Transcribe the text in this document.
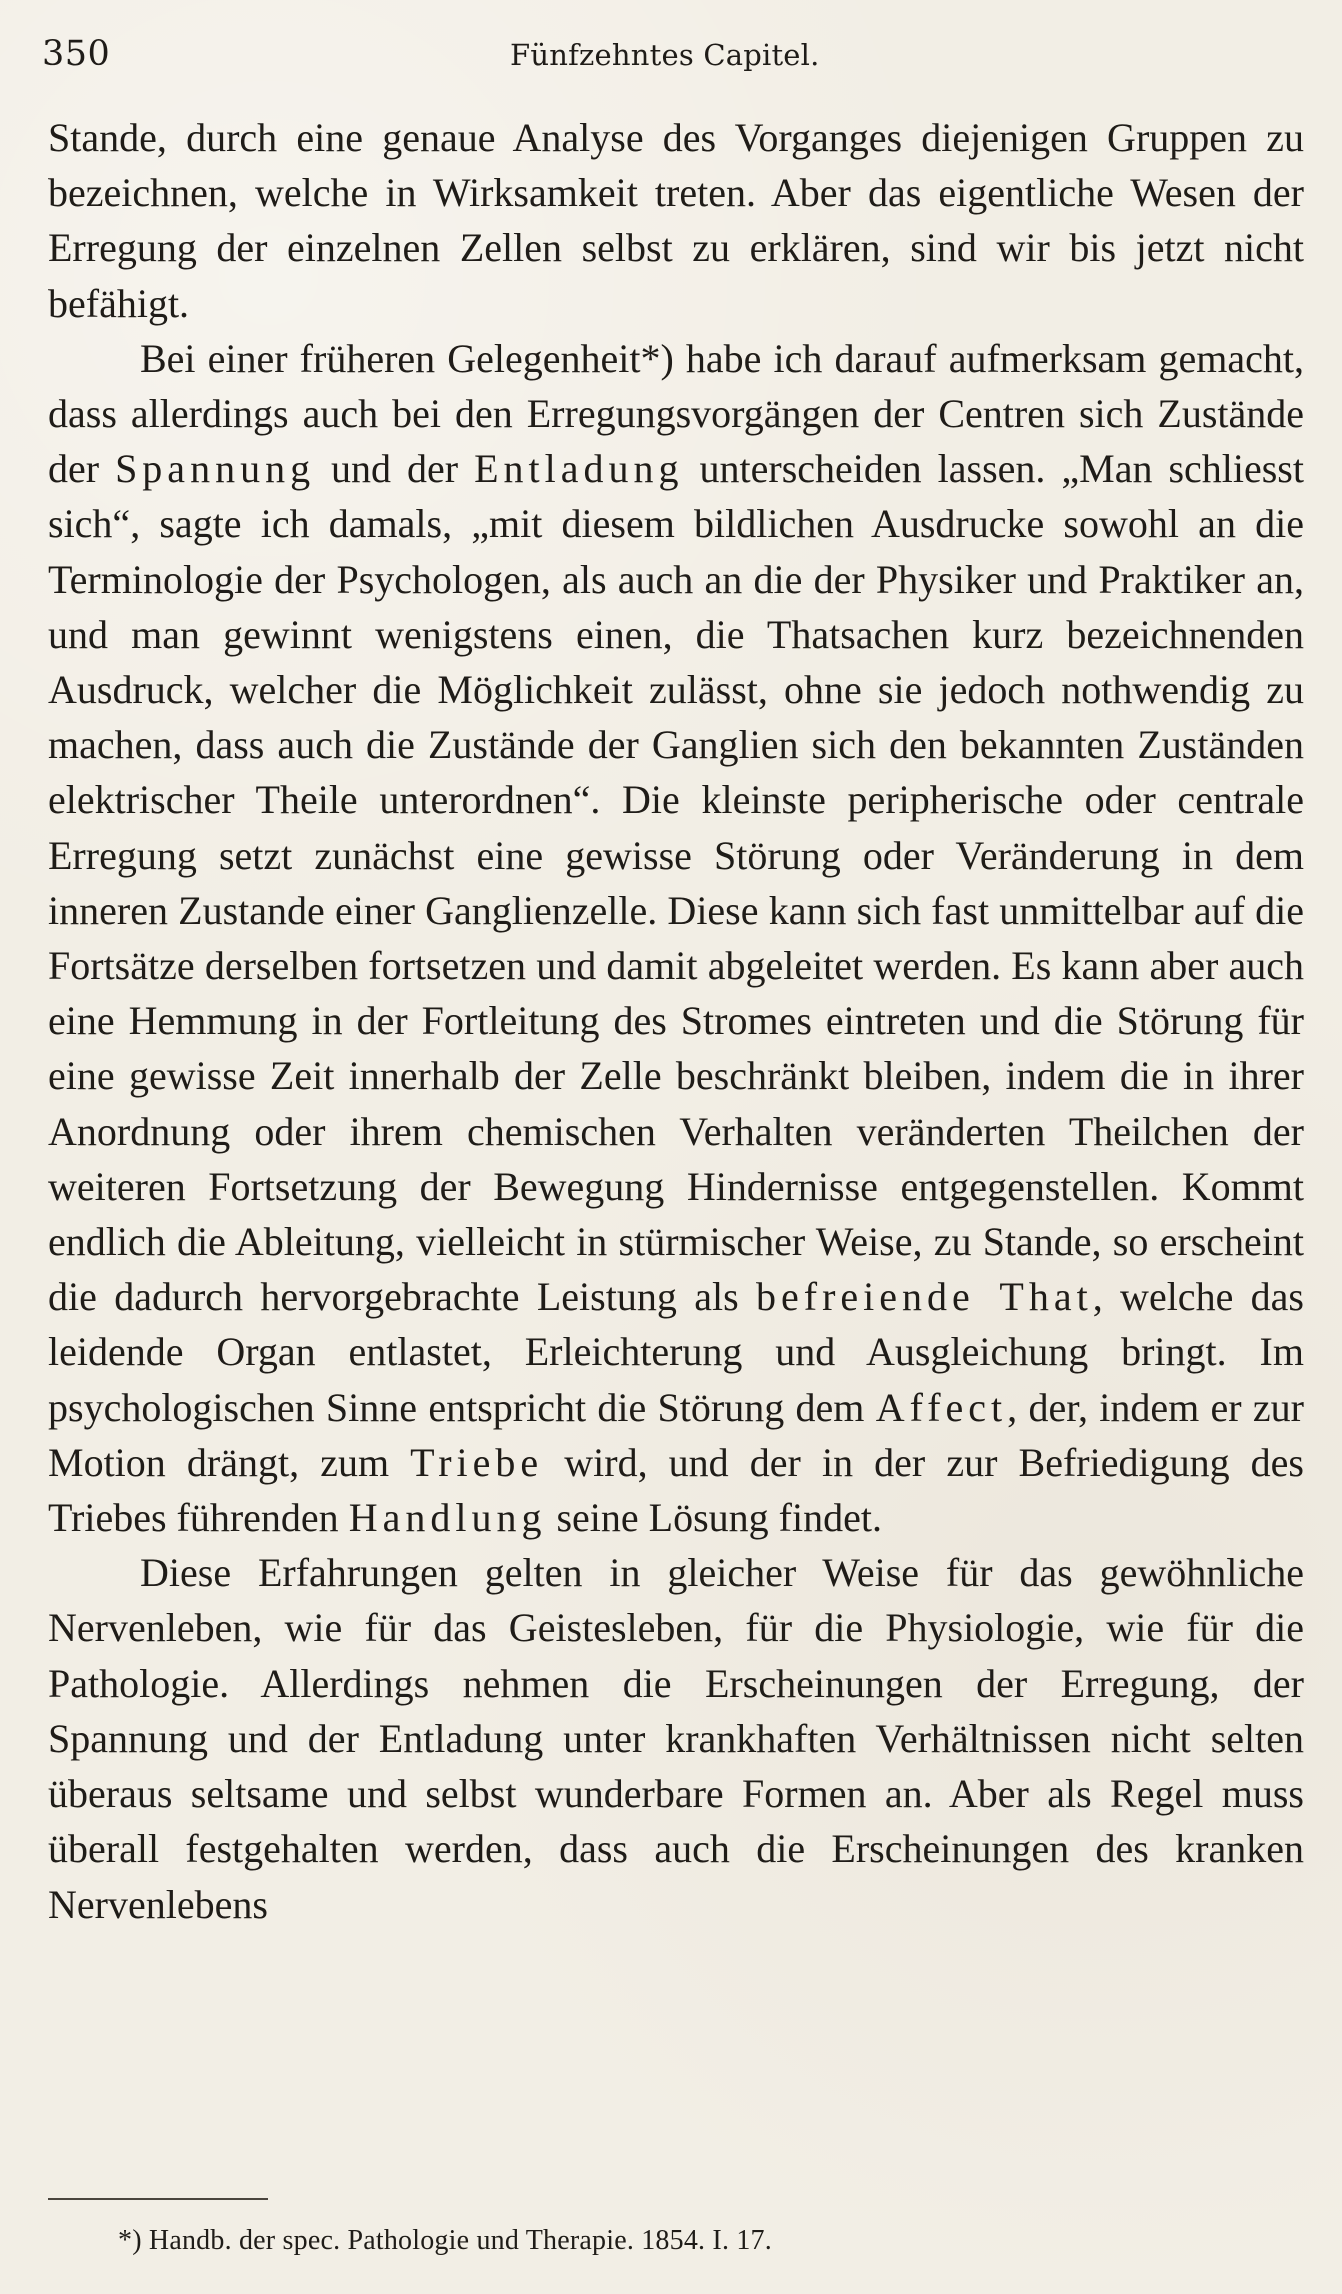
350	Fünfzehntes Capitel.

Stande, durch eine genaue Analyse des Vorganges diejenigen Gruppen zu bezeichnen, welche in Wirksamkeit treten. Aber das eigentliche Wesen der Erregung der einzelnen Zellen selbst zu erklären, sind wir bis jetzt nicht befähigt.

Bei einer früheren Gelegenheit*) habe ich darauf aufmerksam gemacht, dass allerdings auch bei den Erregungsvorgängen der Centren sich Zustände der Spannung und der Entladung unterscheiden lassen. „Man schliesst sich“, sagte ich damals, „mit diesem bildlichen Ausdrucke sowohl an die Terminologie der Psychologen, als auch an die der Physiker und Praktiker an, und man gewinnt wenigstens einen, die Thatsachen kurz bezeichnenden Ausdruck, welcher die Möglichkeit zulässt, ohne sie jedoch nothwendig zu machen, dass auch die Zustände der Ganglien sich den bekannten Zuständen elektrischer Theile unterordnen“. Die kleinste peripherische oder centrale Erregung setzt zunächst eine gewisse Störung oder Veränderung in dem inneren Zustande einer Ganglienzelle. Diese kann sich fast unmittelbar auf die Fortsätze derselben fortsetzen und damit abgeleitet werden. Es kann aber auch eine Hemmung in der Fortleitung des Stromes eintreten und die Störung für eine gewisse Zeit innerhalb der Zelle beschränkt bleiben, indem die in ihrer Anordnung oder ihrem chemischen Verhalten veränderten Theilchen der weiteren Fortsetzung der Bewegung Hindernisse entgegenstellen. Kommt endlich die Ableitung, vielleicht in stürmischer Weise, zu Stande, so erscheint die dadurch hervorgebrachte Leistung als befreiende That, welche das leidende Organ entlastet, Erleichterung und Ausgleichung bringt. Im psychologischen Sinne entspricht die Störung dem Affect, der, indem er zur Motion drängt, zum Triebe wird, und der in der zur Befriedigung des Triebes führenden Handlung seine Lösung findet.

Diese Erfahrungen gelten in gleicher Weise für das gewöhnliche Nervenleben, wie für das Geistesleben, für die Physiologie, wie für die Pathologie. Allerdings nehmen die Erscheinungen der Erregung, der Spannung und der Entladung unter krankhaften Verhältnissen nicht selten überaus seltsame und selbst wunderbare Formen an. Aber als Regel muss überall festgehalten werden, dass auch die Erscheinungen des kranken Nervenlebens

*) Handb. der spec. Pathologie und Therapie. 1854. I. 17.
